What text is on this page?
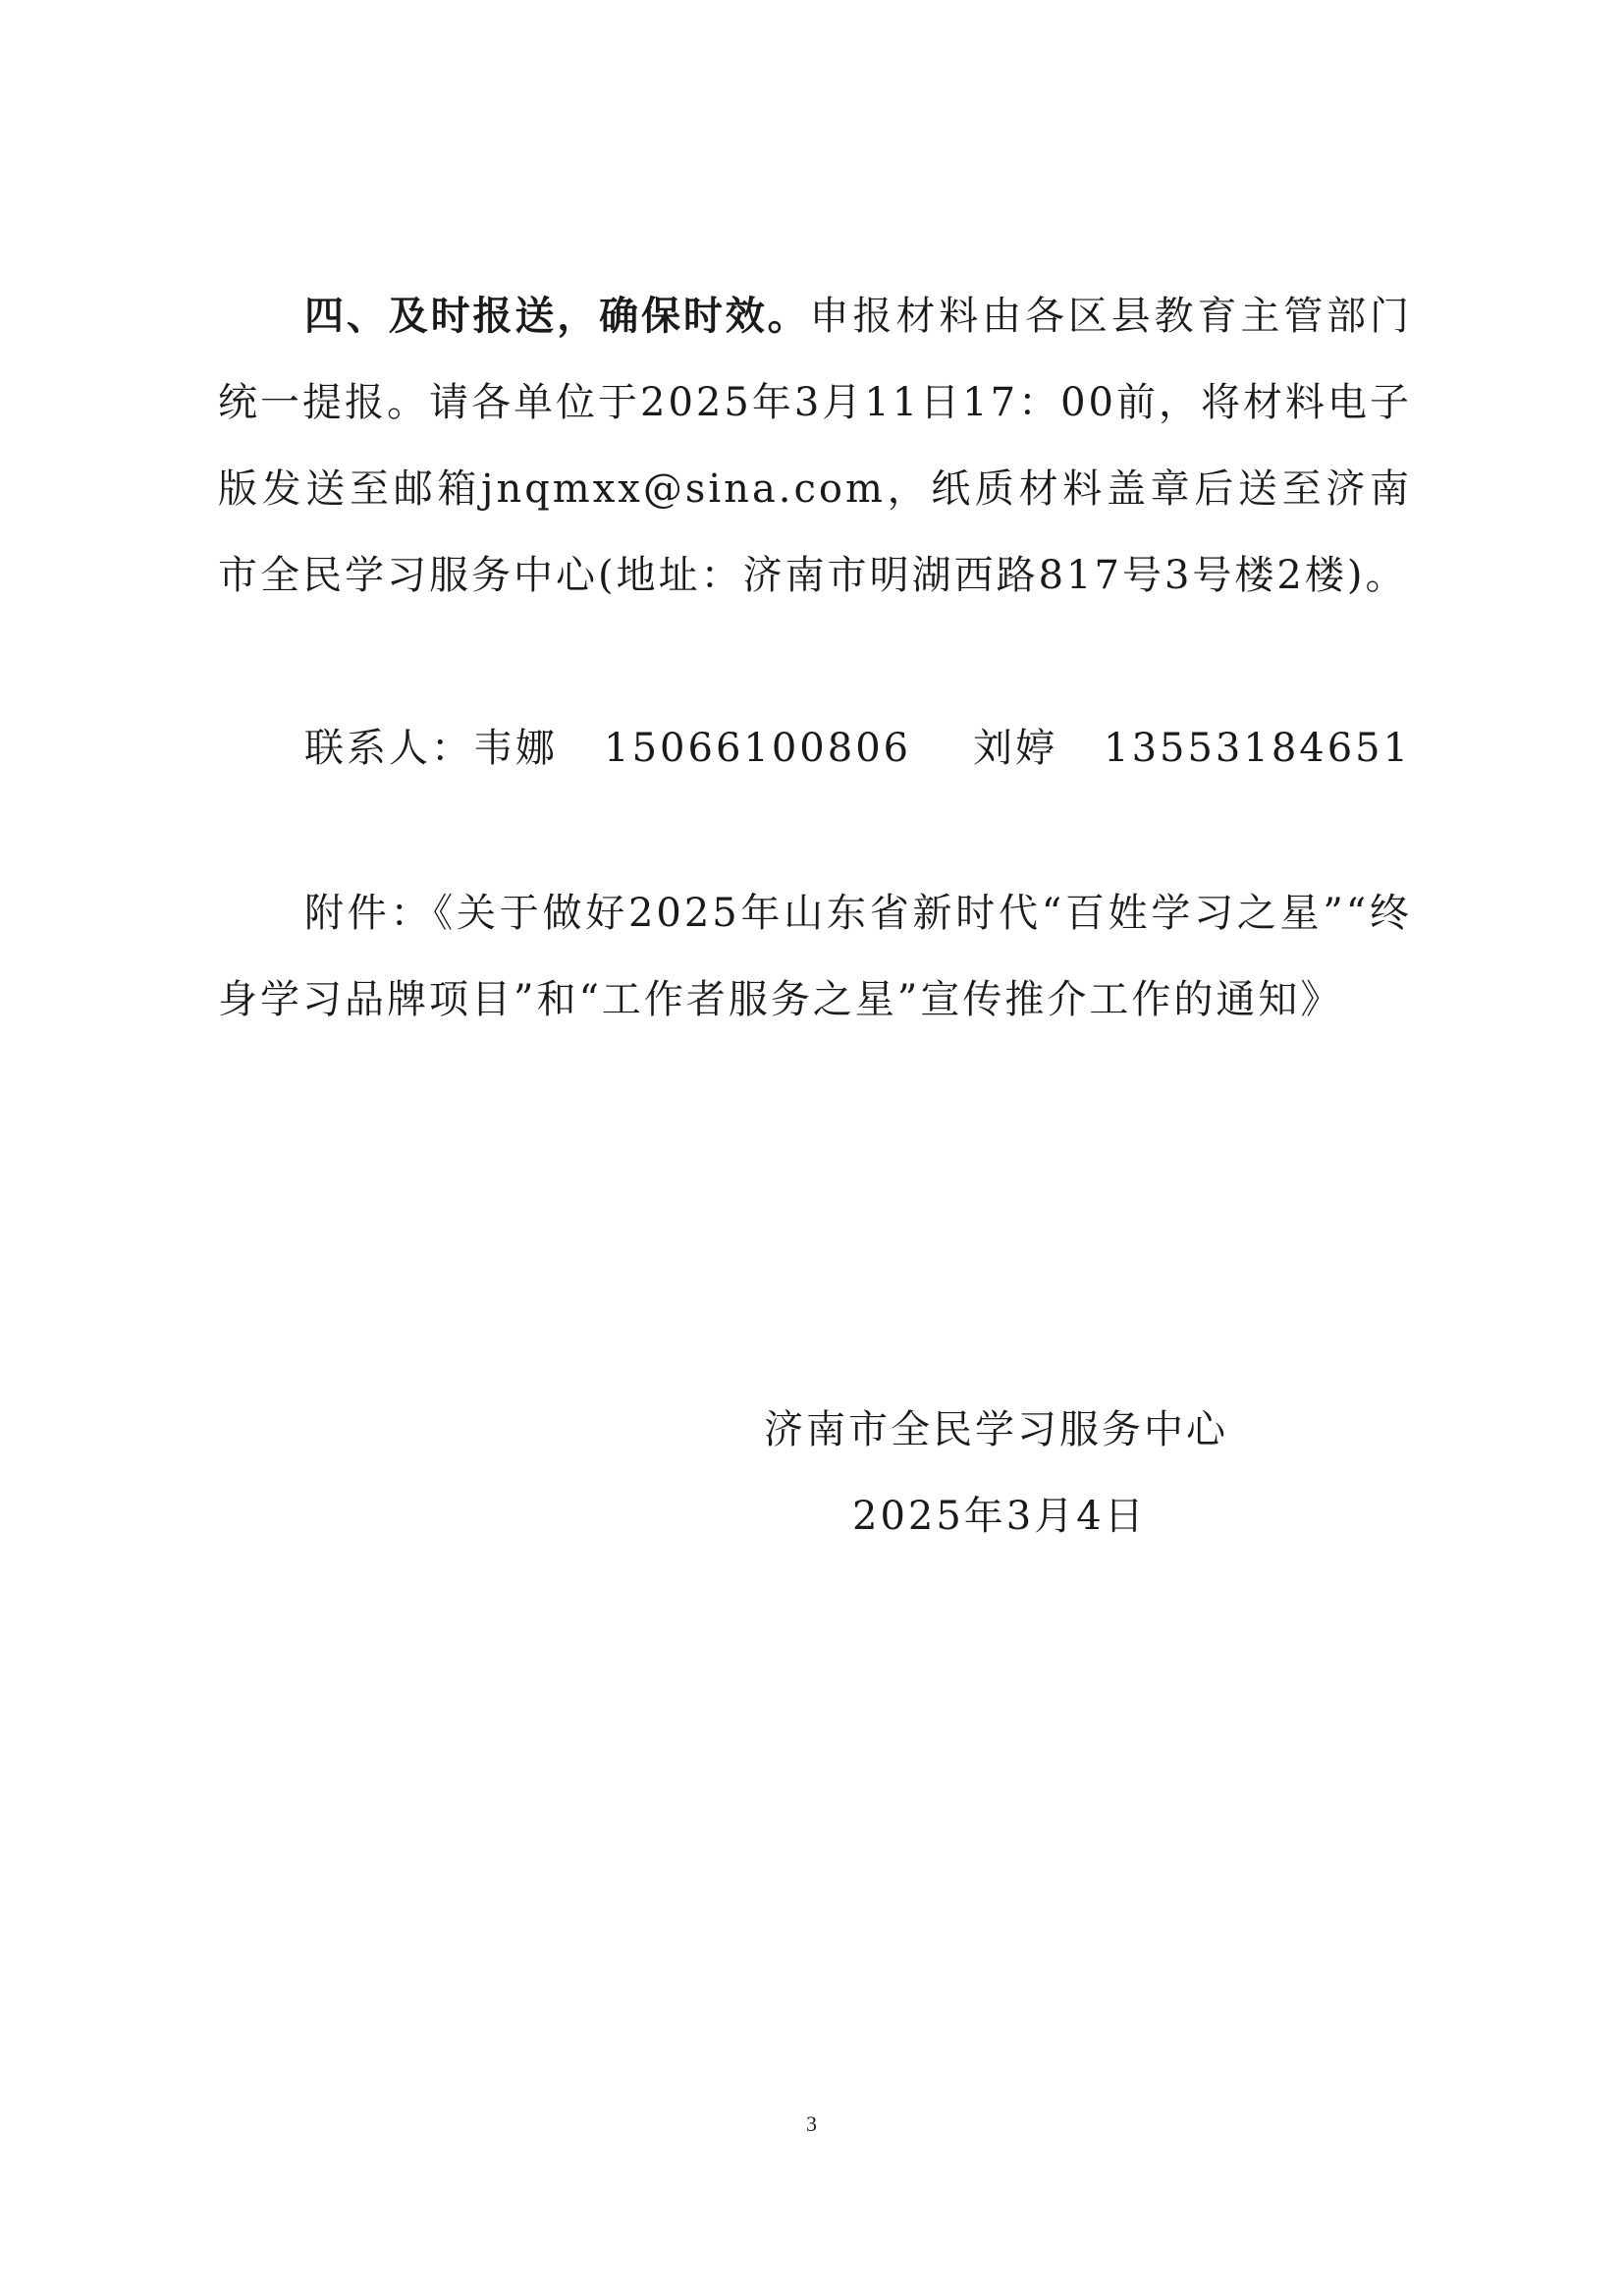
四、及时报送，确保时效。申报材料由各区县教育主管部门统一提报。请各单位于2025年3月11日17：00前，将材料电子版发送至邮箱jnqmxx@sina.com，纸质材料盖章后送至济南市全民学习服务中心(地址：济南市明湖西路817号3号楼2楼)。

联系人：韦娜 15066100806 刘婷 13553184651

附件：《关于做好2025年山东省新时代“百姓学习之星”“终身学习品牌项目”和“工作者服务之星”宣传推介工作的通知》

济南市全民学习服务中心
2025年3月4日
3
